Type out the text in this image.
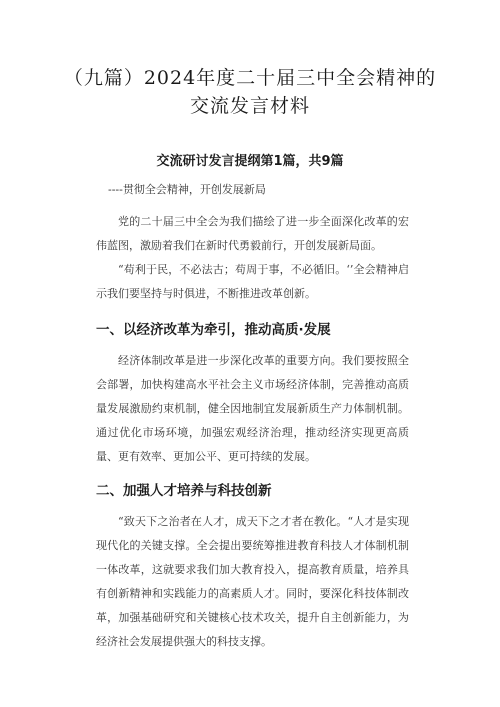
（九篇）2024年度二十届三中全会精神的
交流发言材料
交流研讨发言提纲第1篇，共9篇
----贯彻全会精神，开创发展新局
党的二十届三中全会为我们描绘了进一步全面深化改革的宏伟蓝图，激励着我们在新时代勇毅前行，开创发展新局面。
“苟利于民，不必法古；苟周于事，不必循旧。‘’全会精神启示我们要坚持与时俱进，不断推进改革创新。
一、以经济改革为牵引，推动高质·发展
经济体制改革是进一步深化改革的重要方向。我们要按照全会部署，加快构建高水平社会主义市场经济体制，完善推动高质量发展激励约束机制，健全因地制宜发展新质生产力体制机制。通过优化市场环境，加强宏观经济治理，推动经济实现更高质量、更有效率、更加公平、更可持续的发展。
二、加强人才培养与科技创新
“致天下之治者在人才，成天下之才者在教化。“人才是实现现代化的关键支撑。全会提出要统筹推进教育科技人才体制机制一体改革，这就要求我们加大教育投入，提高教育质量，培养具有创新精神和实践能力的高素质人才。同时，要深化科技体制改革，加强基础研究和关键核心技术攻关，提升自主创新能力，为经济社会发展提供强大的科技支撑。
